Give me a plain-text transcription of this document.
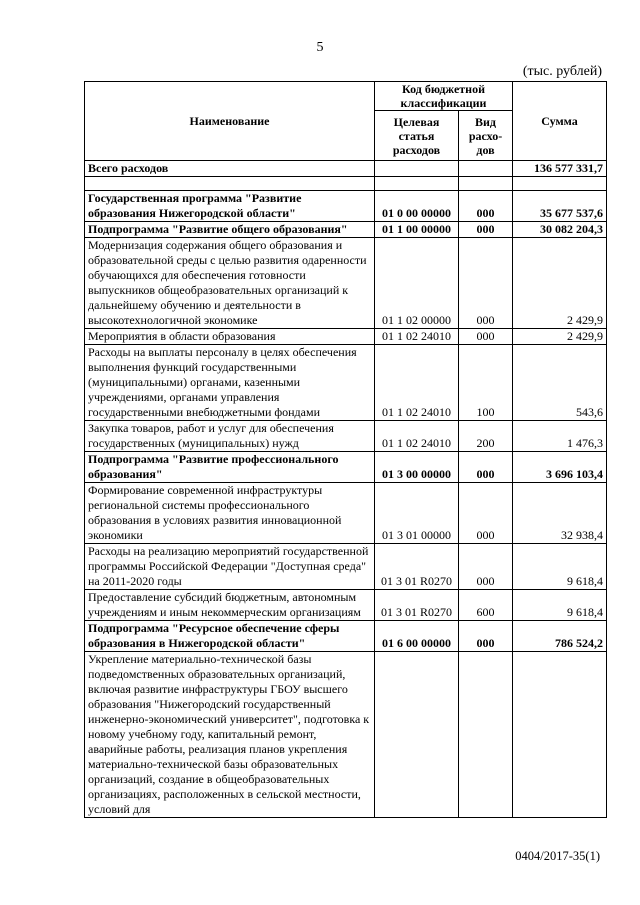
5
(тыс. рублей)
Наименование	Код бюджетной классификации		Сумма
	Целевая статья расходов	Вид расхо-дов	
Всего расходов			136 577 331,7

Государственная программа "Развитие образования Нижегородской области"	01 0 00 00000	000	35 677 537,6
Подпрограмма "Развитие общего образования"	01 1 00 00000	000	30 082 204,3
Модернизация содержания общего образования и образовательной среды с целью развития одаренности обучающихся для обеспечения готовности выпускников общеобразовательных организаций к дальнейшему обучению и деятельности в высокотехнологичной экономике	01 1 02 00000	000	2 429,9
Мероприятия в области образования	01 1 02 24010	000	2 429,9
Расходы на выплаты персоналу в целях обеспечения выполнения функций государственными (муниципальными) органами, казенными учреждениями, органами управления государственными внебюджетными фондами	01 1 02 24010	100	543,6
Закупка товаров, работ и услуг для обеспечения государственных (муниципальных) нужд	01 1 02 24010	200	1 476,3
Подпрограмма "Развитие профессионального образования"	01 3 00 00000	000	3 696 103,4
Формирование современной инфраструктуры региональной системы профессионального образования в условиях развития инновационной экономики	01 3 01 00000	000	32 938,4
Расходы на реализацию мероприятий государственной программы Российской Федерации "Доступная среда" на 2011-2020 годы	01 3 01 R0270	000	9 618,4
Предоставление субсидий бюджетным, автономным учреждениям и иным некоммерческим организациям	01 3 01 R0270	600	9 618,4
Подпрограмма "Ресурсное обеспечение сферы образования в Нижегородской области"	01 6 00 00000	000	786 524,2
Укрепление материально-технической базы подведомственных образовательных организаций, включая развитие инфраструктуры ГБОУ высшего образования "Нижегородский государственный инженерно-экономический университет", подготовка к новому учебному году, капитальный ремонт, аварийные работы, реализация планов укрепления материально-технической базы образовательных организаций, создание в общеобразовательных организациях, расположенных в сельской местности, условий для			
0404/2017-35(1)
